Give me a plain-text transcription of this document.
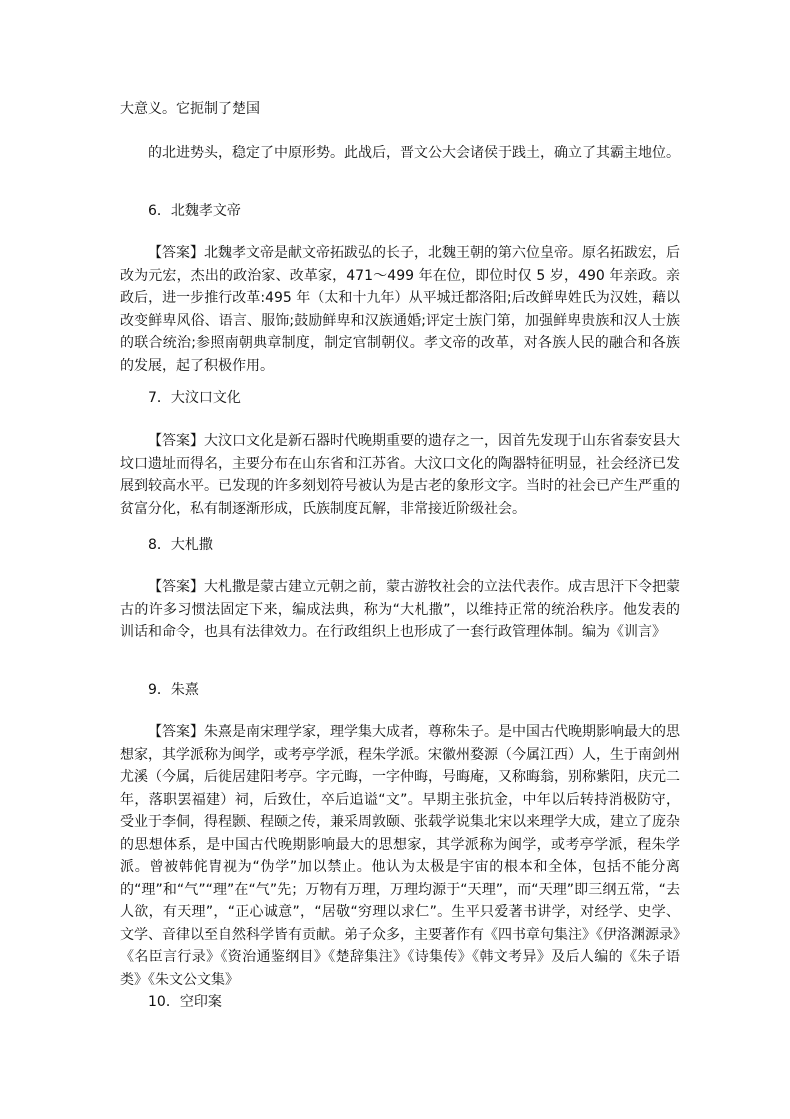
大意义。它扼制了楚国
的北进势头，稳定了中原形势。此战后，晋文公大会诸侯于践土，确立了其霸主地位。
6．北魏孝文帝
【答案】北魏孝文帝是献文帝拓跋弘的长子，北魏王朝的第六位皇帝。原名拓跋宏，后改为元宏，杰出的政治家、改革家，471～499 年在位，即位时仅 5 岁，490 年亲政。亲政后，进一步推行改革:495 年（太和十九年）从平城迁都洛阳;后改鲜卑姓氏为汉姓，藉以改变鲜卑风俗、语言、服饰;鼓励鲜卑和汉族通婚;评定士族门第，加强鲜卑贵族和汉人士族的联合统治;参照南朝典章制度，制定官制朝仪。孝文帝的改革，对各族人民的融合和各族的发展，起了积极作用。
7．大汶口文化
【答案】大汶口文化是新石器时代晚期重要的遗存之一，因首先发现于山东省泰安县大坟口遗址而得名，主要分布在山东省和江苏省。大汶口文化的陶器特征明显，社会经济已发展到较高水平。已发现的许多刻划符号被认为是古老的象形文字。当时的社会已产生严重的贫富分化，私有制逐渐形成，氏族制度瓦解，非常接近阶级社会。
8．大札撒
【答案】大札撒是蒙古建立元朝之前，蒙古游牧社会的立法代表作。成吉思汗下令把蒙古的许多习惯法固定下来，编成法典，称为“大札撒”，以维持正常的统治秩序。他发表的训话和命令，也具有法律效力。在行政组织上也形成了一套行政管理体制。编为《训言》
9．朱熹
【答案】朱熹是南宋理学家，理学集大成者，尊称朱子。是中国古代晚期影响最大的思想家，其学派称为闽学，或考亭学派，程朱学派。宋徽州婺源（今属江西）人，生于南剑州尤溪（今属，后徙居建阳考亭。字元晦，一字仲晦，号晦庵，又称晦翁，别称紫阳，庆元二年，落职罢福建）祠，后致仕，卒后追谥“文”。早期主张抗金，中年以后转持消极防守，受业于李侗，得程颢、程颐之传，兼采周敦颐、张载学说集北宋以来理学大成，建立了庞杂的思想体系，是中国古代晚期影响最大的思想家，其学派称为闽学，或考亭学派，程朱学派。曾被韩侂胄视为“伪学”加以禁止。他认为太极是宇宙的根本和全体，包括不能分离的“理”和“气”“理”在“气”先；万物有万理，万理均源于“天理”，而“天理”即三纲五常，“去人欲，有天理”，“正心诚意”，“居敬“穷理以求仁”。生平只爱著书讲学，对经学、史学、文学、音律以至自然科学皆有贡献。弟子众多，主要著作有《四书章句集注》《伊洛渊源录》《名臣言行录》《资治通鉴纲目》《楚辞集注》《诗集传》《韩文考异》及后人编的《朱子语类》《朱文公文集》
10．空印案
